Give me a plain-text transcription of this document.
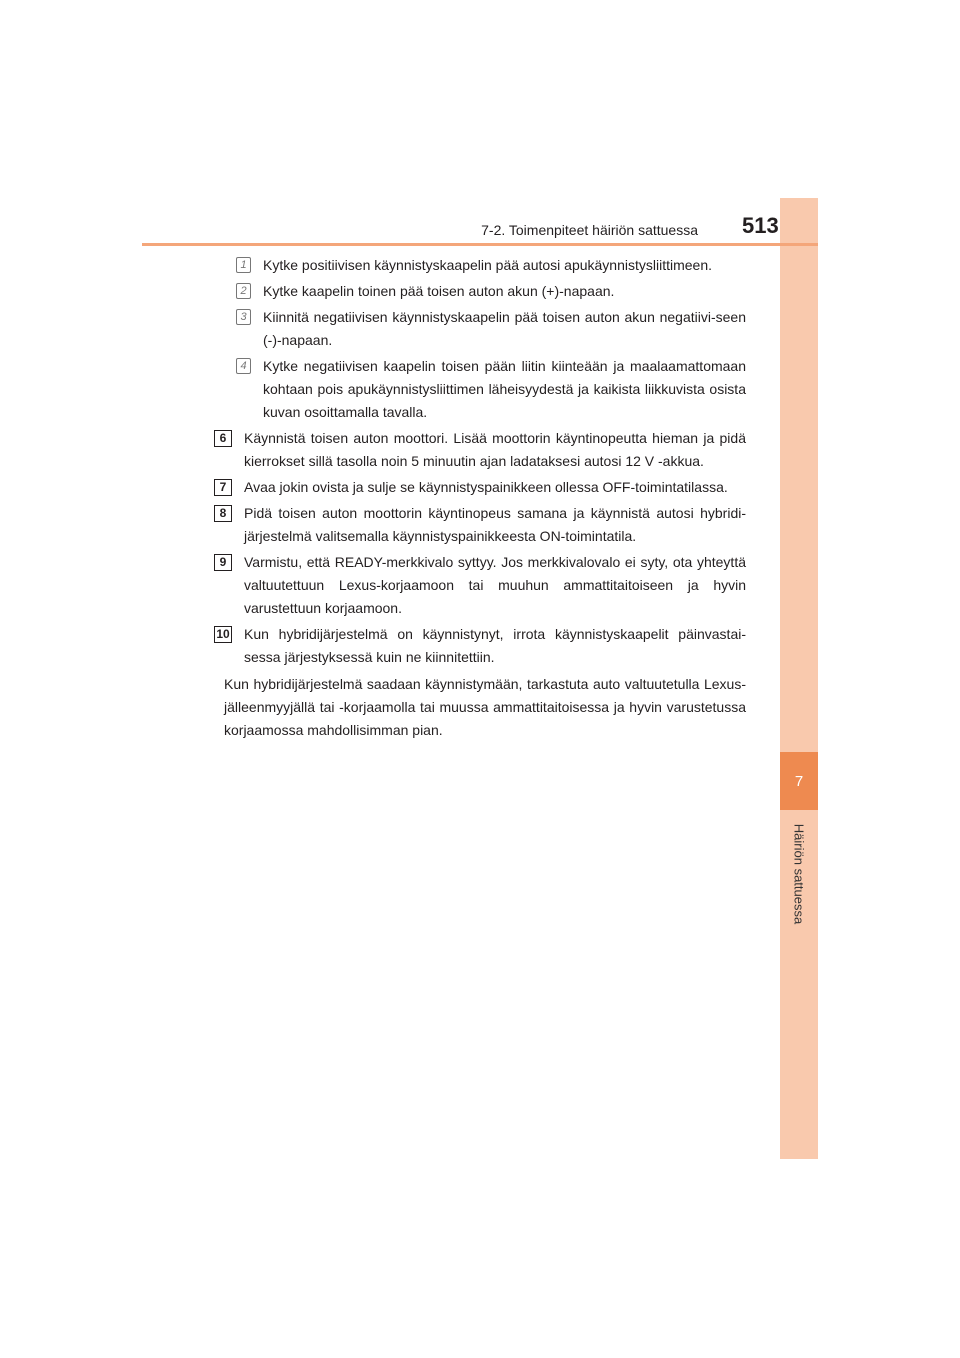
7
Häiriön sattuessa
7-2. Toimenpiteet häiriön sattuessa 513
1	Kytke positiivisen käynnistyskaapelin pää autosi apukäynnistysliittimeen.
2	Kytke kaapelin toinen pää toisen auton akun (+)-napaan.
3	Kiinnitä negatiivisen käynnistyskaapelin pää toisen auton akun negatiivi-seen (-)-napaan.
4	Kytke negatiivisen kaapelin toisen pään liitin kiinteään ja maalaamattomaan kohtaan pois apukäynnistysliittimen läheisyydestä ja kaikista liikkuvista osista kuvan osoittamalla tavalla.
6	Käynnistä toisen auton moottori. Lisää moottorin käyntinopeutta hieman ja pidä kierrokset sillä tasolla noin 5 minuutin ajan ladataksesi autosi 12 V -akkua.
7	Avaa jokin ovista ja sulje se käynnistyspainikkeen ollessa OFF-toimintatilassa.
8	Pidä toisen auton moottorin käyntinopeus samana ja käynnistä autosi hybridi-järjestelmä valitsemalla käynnistyspainikkeesta ON-toimintatila.
9	Varmistu, että READY-merkkivalo syttyy. Jos merkkivalovalo ei syty, ota yhteyttä valtuutettuun Lexus-korjaamoon tai muuhun ammattitaitoiseen ja hyvin varustettuun korjaamoon.
10 Kun hybridijärjestelmä on käynnistynyt, irrota käynnistyskaapelit päinvastai-sessa järjestyksessä kuin ne kiinnitettiin.
Kun hybridijärjestelmä saadaan käynnistymään, tarkastuta auto valtuutetulla Lexus-jälleenmyyjällä tai -korjaamolla tai muussa ammattitaitoisessa ja hyvin varustetussa korjaamossa mahdollisimman pian.
